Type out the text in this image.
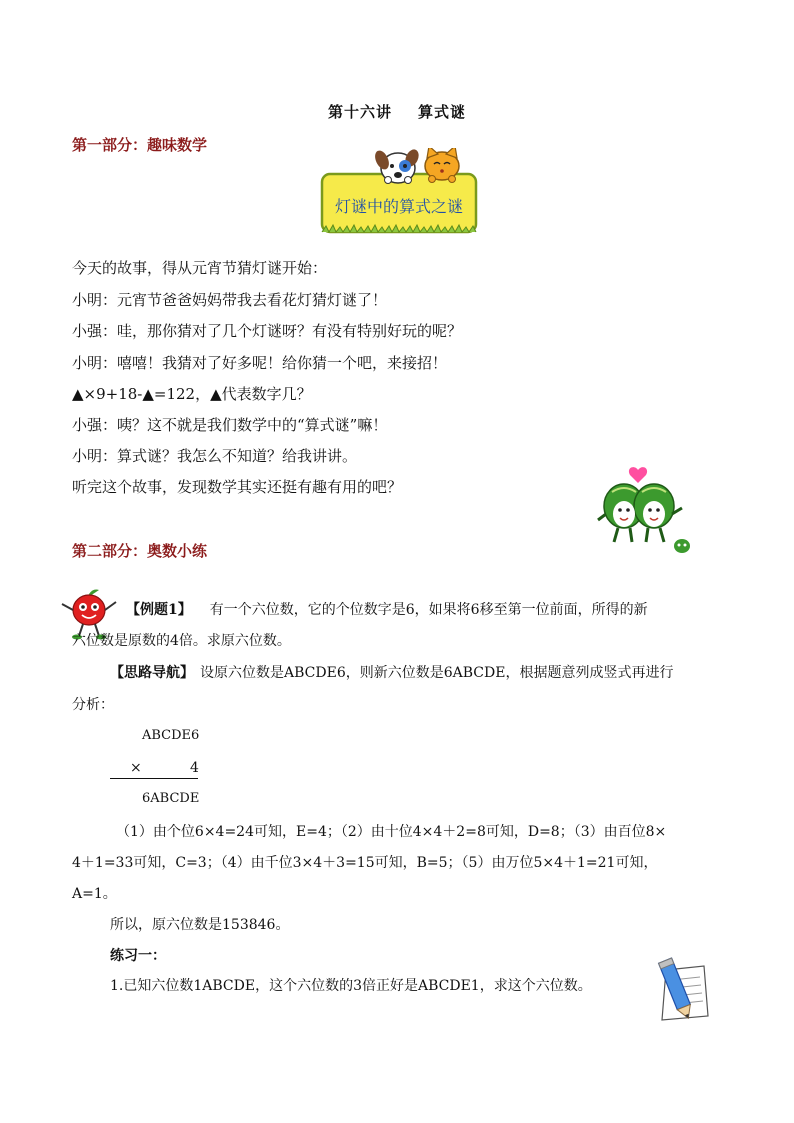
第十六讲 算式谜
第一部分：趣味数学
灯谜中的算式之谜
今天的故事，得从元宵节猜灯谜开始：
小明：元宵节爸爸妈妈带我去看花灯猜灯谜了！
小强：哇，那你猜对了几个灯谜呀？有没有特别好玩的呢？
小明：嘻嘻！我猜对了好多呢！给你猜一个吧，来接招！
▲×9+18-▲=122，▲代表数字几？
小强：咦？这不就是我们数学中的“算式谜”嘛！
小明：算式谜？我怎么不知道？给我讲讲。
听完这个故事，发现数学其实还挺有趣有用的吧？
第二部分：奥数小练
【例题1】 有一个六位数，它的个位数字是6，如果将6移至第一位前面，所得的新
六位数是原数的4倍。求原六位数。
【思路导航】 设原六位数是ABCDE6，则新六位数是6ABCDE，根据题意列成竖式再进行
分析：
ABCDE6
×	4
6ABCDE
（1）由个位6×4=24可知，E=4；（2）由十位4×4＋2=8可知，D=8；（3）由百位8×
4＋1=33可知，C=3；（4）由千位3×4＋3=15可知，B=5；（5）由万位5×4＋1=21可知，
A=1。
所以，原六位数是153846。
练习一：
1.已知六位数1ABCDE，这个六位数的3倍正好是ABCDE1，求这个六位数。
